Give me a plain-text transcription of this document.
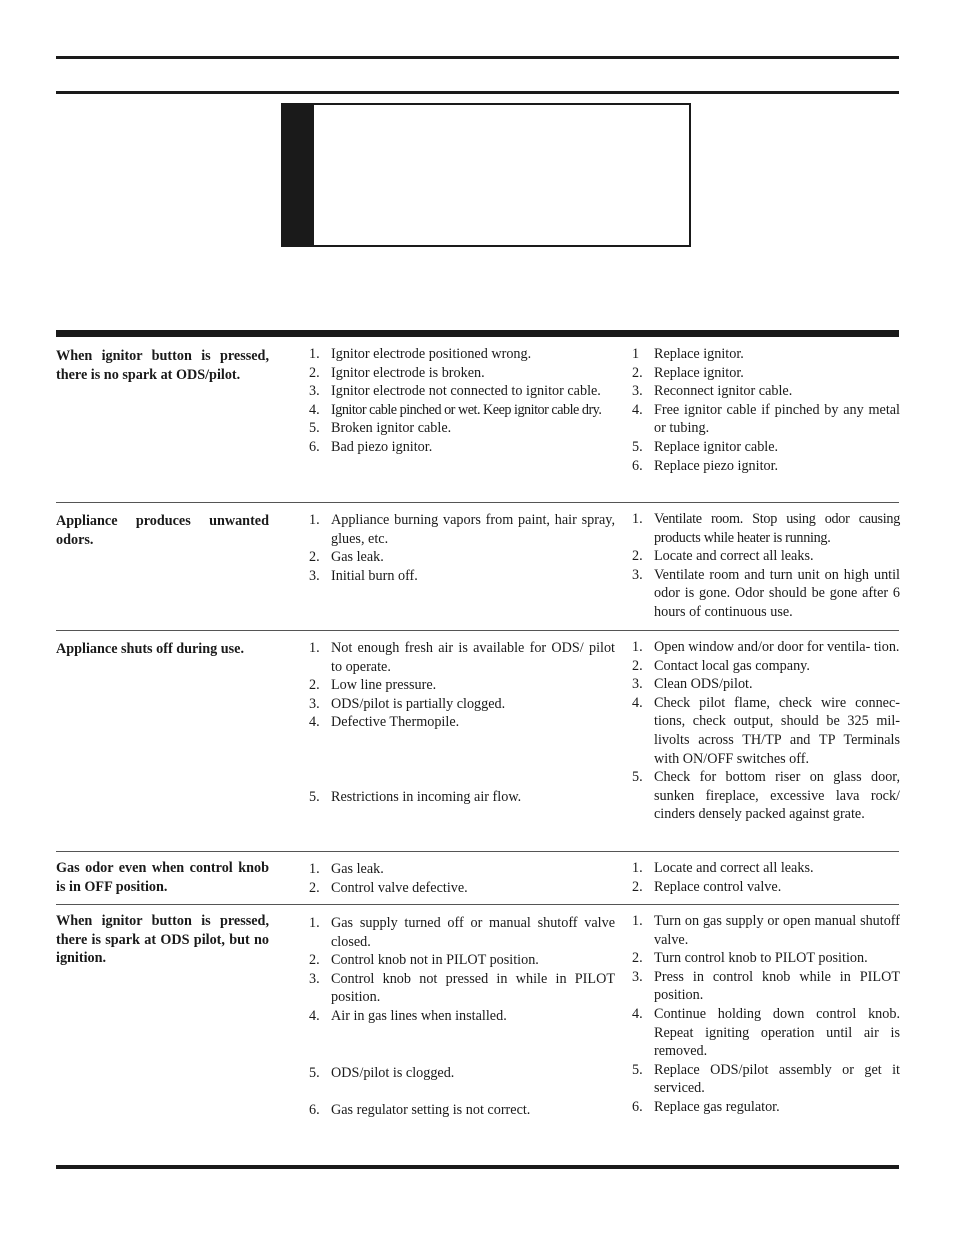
When ignitor button is pressed, there is no spark at ODS/pilot.

1. Ignitor electrode positioned wrong.
2. Ignitor electrode is broken.
3. Ignitor electrode not connected to ignitor cable.
4. Ignitor cable pinched or wet. Keep ignitor cable dry.
5. Broken ignitor cable.
6. Bad piezo ignitor.
1 Replace ignitor.
2. Replace ignitor.
3. Reconnect ignitor cable.
4. Free ignitor cable if pinched by any metal or tubing.
5. Replace ignitor cable.
6. Replace piezo ignitor.

Appliance produces unwanted odors.

1. Appliance burning vapors from paint, hair spray, glues, etc.
2. Gas leak.
3. Initial burn off.
1. Ventilate room. Stop using odor causing products while heater is running.
2. Locate and correct all leaks.
3. Ventilate room and turn unit on high until odor is gone. Odor should be gone after 6 hours of continuous use.

Appliance shuts off during use.	1. Not enough fresh air is available for ODS/ pilot to operate.
2. Low line pressure.
3. ODS/pilot is partially clogged.
4. Defective Thermopile.
5. Restrictions in incoming air flow.
1. Open window and/or door for ventila- tion.
2. Contact local gas company.
3. Clean ODS/pilot.
4. Check pilot flame, check wire connec- tions, check output, should be 325 mil- livolts across TH/TP and TP Terminals with ON/OFF switches off.
5. Check for bottom riser on glass door, sunken fireplace, excessive lava rock/ cinders densely packed against grate.

Gas odor even when control knob is in OFF position.

1. Gas leak.
2. Control valve defective.
1. Locate and correct all leaks.
2. Replace control valve.

When ignitor button is pressed, there is spark at ODS pilot, but no ignition.

1. Gas supply turned off or manual shutoff valve closed.
2. Control knob not in PILOT position.
3. Control knob not pressed in while in PILOT position.
4. Air in gas lines when installed.
5. ODS/pilot is clogged.
6. Gas regulator setting is not correct.
1. Turn on gas supply or open manual shutoff valve.
2. Turn control knob to PILOT position.
3. Press in control knob while in PILOT position.
4. Continue holding down control knob. Repeat igniting operation until air is removed.
5. Replace ODS/pilot assembly or get it serviced.
6. Replace gas regulator.
